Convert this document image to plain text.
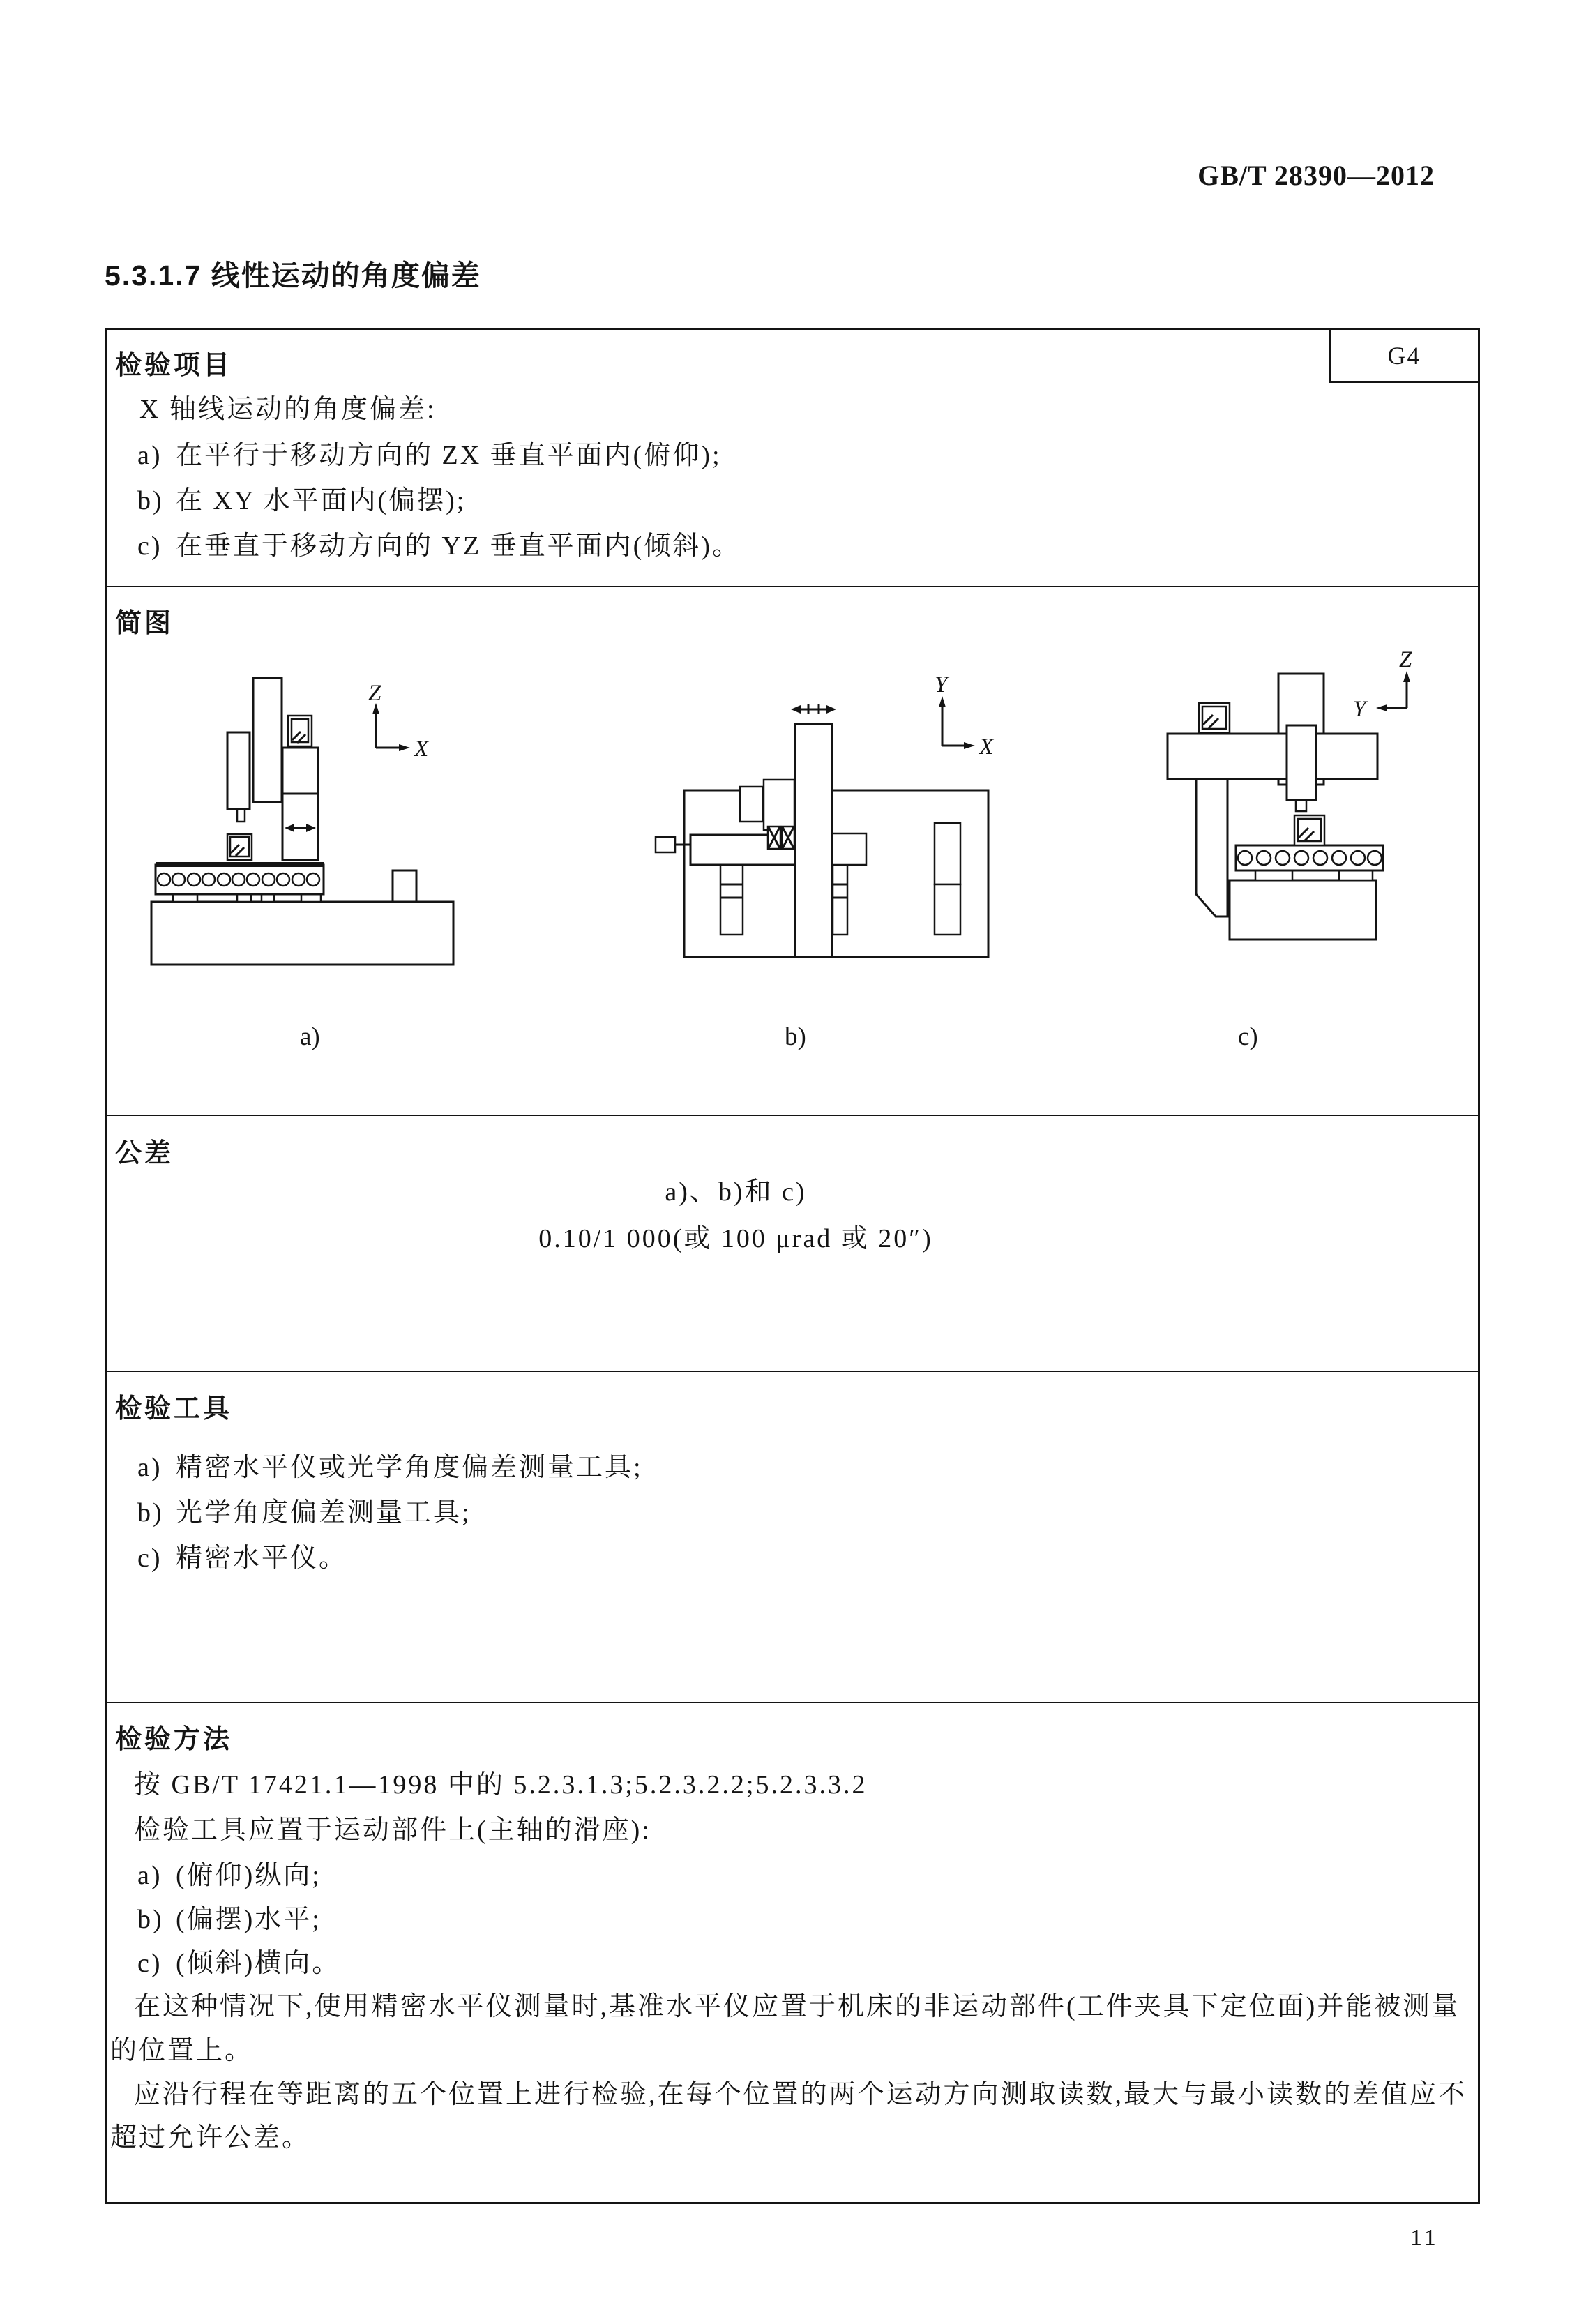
GB/T 28390—2012
5.3.1.7 线性运动的角度偏差
G4
检验项目
X 轴线运动的角度偏差:
a) 在平行于移动方向的 ZX 垂直平面内(俯仰);
b) 在 XY 水平面内(偏摆);
c) 在垂直于移动方向的 YZ 垂直平面内(倾斜)。
简图
Z
X
Y
X
Z
Y
a)	b)	c)
公差
a)、b)和 c)
0.10/1 000(或 100 μrad 或 20″)
检验工具
a) 精密水平仪或光学角度偏差测量工具;
b) 光学角度偏差测量工具;
c) 精密水平仪。
检验方法
按 GB/T 17421.1—1998 中的 5.2.3.1.3;5.2.3.2.2;5.2.3.3.2
检验工具应置于运动部件上(主轴的滑座):
a) (俯仰)纵向;
b) (偏摆)水平;
c) (倾斜)横向。
在这种情况下,使用精密水平仪测量时,基准水平仪应置于机床的非运动部件(工件夹具下定位面)并能被测量
的位置上。
应沿行程在等距离的五个位置上进行检验,在每个位置的两个运动方向测取读数,最大与最小读数的差值应不
超过允许公差。
11
